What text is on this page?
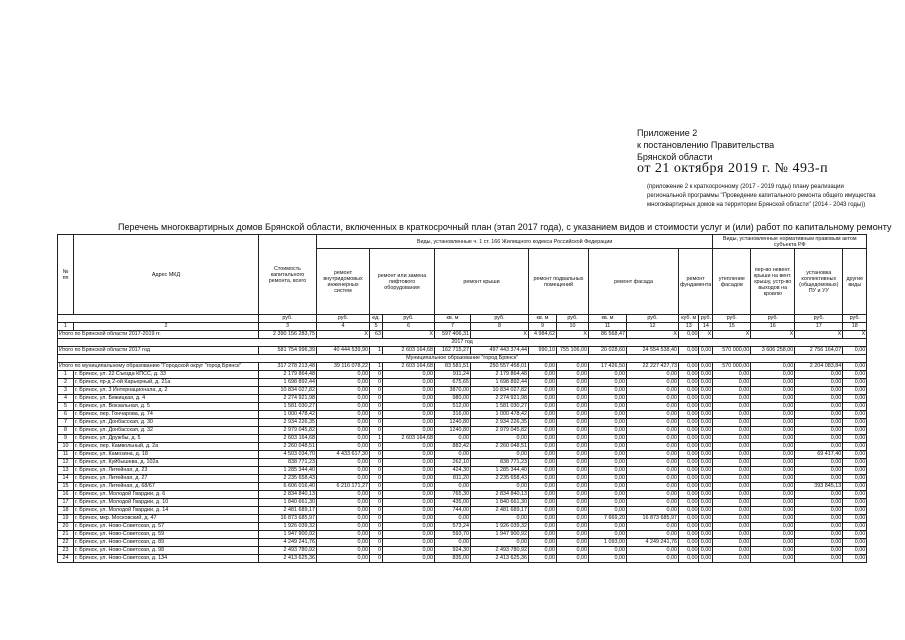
Приложение 2
к постановлению Правительства
Брянской области
от 21 октября 2019 г. № 493-п
(приложение 2 к краткосрочному (2017 - 2019 годы) плану реализации региональной программы "Проведение капитального ремонта общего имущества многоквартирных домов на территории Брянской области" (2014 - 2043 годы))
Перечень многоквартирных домов Брянской области, включенных в краткосрочный план (этап 2017 года), с указанием видов и стоимости услуг и (или) работ по капитальному ремонту
№ пп	Адрес МКД	Стоимость капитального ремонта, всего	Виды, установленные ч. 1 ст. 166 Жилищного кодекса Российской Федерации											Виды, установленные нормативным правовым актом субъекта РФ			
			ремонт внутридомовых инженерных систем	ремонт или замена лифтового оборудования		ремонт крыши		ремонт подвальных помещений		ремонт фасада		ремонт фундамента		утепление фасадов	пер-во невент. крыши на вент. крышу, устр-во выходов на кровлю	установка коллективных (общедомовых) ПУ и УУ	другие виды
		руб.	руб.	ед.	руб.	кв. м	руб.	кв. м	руб.	кв. м	руб.	куб. м	руб.	руб.	руб.	руб.	руб.
1	2	3	4	5	6	7	8	9	10	11	12	13	14	15	16	17	18
Итого по Брянской области 2017-2019 гг.		2 390 156 283,75	X	63	X	597 406,31	X	4 984,62	X	86 568,47	X	0,00	X	X	X	X	X
2017 год																	
Итого по Брянской области 2017 год		581 754 996,39	40 444 539,90	1	2 603 164,68	162 715,27	497 443 374,44	990,10	755 106,00	20 028,60	24 554 538,40	0,00	0,00	570 000,00	3 606 258,00	2 756 164,07	0,00
Муниципальное образование "город Брянск"																	
Итого по муниципальному образованию "Городской округ "город Брянск"		317 278 213,48	39 116 078,22	1	2 603 164,68	83 581,51	250 557 458,01	0,00	0,00	17 426,50	22 227 427,73	0,00	0,00	570 000,00	0,00	2 204 083,84	0,00
1	г. Брянск, ул. 22 Съезда КПСС, д. 33	2 179 864,48	0,00	0	0,00	911,24	2 179 864,48	0,00	0,00	0,00	0,00	0,00	0,00	0,00	0,00	0,00	0,00
2	г. Брянск, пр-д 2-ой Карьерный, д. 21а	1 698 892,44	0,00	0	0,00	675,65	1 698 892,44	0,00	0,00	0,00	0,00	0,00	0,00	0,00	0,00	0,00	0,00
3	г. Брянск, ул. 3 Интернационала, д. 2	10 834 027,82	0,00	0	0,00	3870,00	10 834 027,82	0,00	0,00	0,00	0,00	0,00	0,00	0,00	0,00	0,00	0,00
4	г. Брянск, ул. Бежицкая, д. 4	2 274 921,98	0,00	0	0,00	980,00	2 274 921,98	0,00	0,00	0,00	0,00	0,00	0,00	0,00	0,00	0,00	0,00
5	г. Брянск, ул. Вокзальная, д. 5	1 581 030,27	0,00	0	0,00	512,00	1 581 030,27	0,00	0,00	0,00	0,00	0,00	0,00	0,00	0,00	0,00	0,00
6	г. Брянск, пер. Гончарова, д. 74	1 000 478,42	0,00	0	0,00	316,00	1 000 478,42	0,00	0,00	0,00	0,00	0,00	0,00	0,00	0,00	0,00	0,00
7	г. Брянск, ул. Донбасская, д. 30	2 934 226,35	0,00	0	0,00	1240,80	2 934 226,35	0,00	0,00	0,00	0,00	0,00	0,00	0,00	0,00	0,00	0,00
8	г. Брянск, ул. Донбасская, д. 32	2 979 045,82	0,00	0	0,00	1240,80	2 979 045,82	0,00	0,00	0,00	0,00	0,00	0,00	0,00	0,00	0,00	0,00
9	г. Брянск, ул. Дружбы, д. 5	2 603 164,68	0,00	1	2 603 164,68	0,00	0,00	0,00	0,00	0,00	0,00	0,00	0,00	0,00	0,00	0,00	0,00
10	г. Брянск, пер. Камвольный, д. 2а	2 260 048,51	0,00	0	0,00	882,42	2 260 048,51	0,00	0,00	0,00	0,00	0,00	0,00	0,00	0,00	0,00	0,00
11	г. Брянск, ул. Камозина, д. 18	4 503 034,70	4 433 617,30	0	0,00	0,00	0,00	0,00	0,00	0,00	0,00	0,00	0,00	0,00	0,00	69 417,40	0,00
12	г. Брянск, ул. Куйбышева, д. 102а	838 771,23	0,00	0	0,00	262,10	838 771,23	0,00	0,00	0,00	0,00	0,00	0,00	0,00	0,00	0,00	0,00
13	г. Брянск, ул. Литейная, д. 23	1 285 344,40	0,00	0	0,00	424,30	1 285 344,40	0,00	0,00	0,00	0,00	0,00	0,00	0,00	0,00	0,00	0,00
14	г. Брянск, ул. Литейная, д. 27	2 235 658,43	0,00	0	0,00	811,20	2 235 658,43	0,00	0,00	0,00	0,00	0,00	0,00	0,00	0,00	0,00	0,00
15	г. Брянск, ул. Литейная, д. 68/67	6 606 016,40	6 210 171,27	0	0,00	0,00	0,00	0,00	0,00	0,00	0,00	0,00	0,00	0,00	0,00	393 845,13	0,00
16	г. Брянск, ул. Молодой Гвардии, д. 6	2 834 840,13	0,00	0	0,00	765,30	2 834 840,13	0,00	0,00	0,00	0,00	0,00	0,00	0,00	0,00	0,00	0,00
17	г. Брянск, ул. Молодой Гвардии, д. 10	1 840 661,30	0,00	0	0,00	435,00	1 840 661,30	0,00	0,00	0,00	0,00	0,00	0,00	0,00	0,00	0,00	0,00
18	г. Брянск, ул. Молодой Гвардии, д. 14	2 481 689,17	0,00	0	0,00	744,00	2 481 689,17	0,00	0,00	0,00	0,00	0,00	0,00	0,00	0,00	0,00	0,00
19	г. Брянск, мкр. Московский, д. 47	16 873 685,97	0,00	0	0,00	0,00	0,00	0,00	0,00	7 669,20	16 873 685,97	0,00	0,00	0,00	0,00	0,00	0,00
20	г. Брянск, ул. Ново-Советская, д. 57	1 926 039,32	0,00	0	0,00	573,24	1 926 039,32	0,00	0,00	0,00	0,00	0,00	0,00	0,00	0,00	0,00	0,00
21	г. Брянск, ул. Ново-Советская, д. 59	1 947 900,92	0,00	0	0,00	593,70	1 947 900,92	0,00	0,00	0,00	0,00	0,00	0,00	0,00	0,00	0,00	0,00
22	г. Брянск, ул. Ново-Советская, д. 89	4 249 241,76	0,00	0	0,00	0,00	0,00	0,00	0,00	1 093,00	4 249 241,76	0,00	0,00	0,00	0,00	0,00	0,00
23	г. Брянск, ул. Ново-Советская, д. 98	2 493 780,92	0,00	0	0,00	924,30	2 493 780,92	0,00	0,00	0,00	0,00	0,00	0,00	0,00	0,00	0,00	0,00
24	г. Брянск, ул. Ново-Советская, д. 134	2 413 625,36	0,00	0	0,00	835,00	2 413 625,36	0,00	0,00	0,00	0,00	0,00	0,00	0,00	0,00	0,00	0,00
